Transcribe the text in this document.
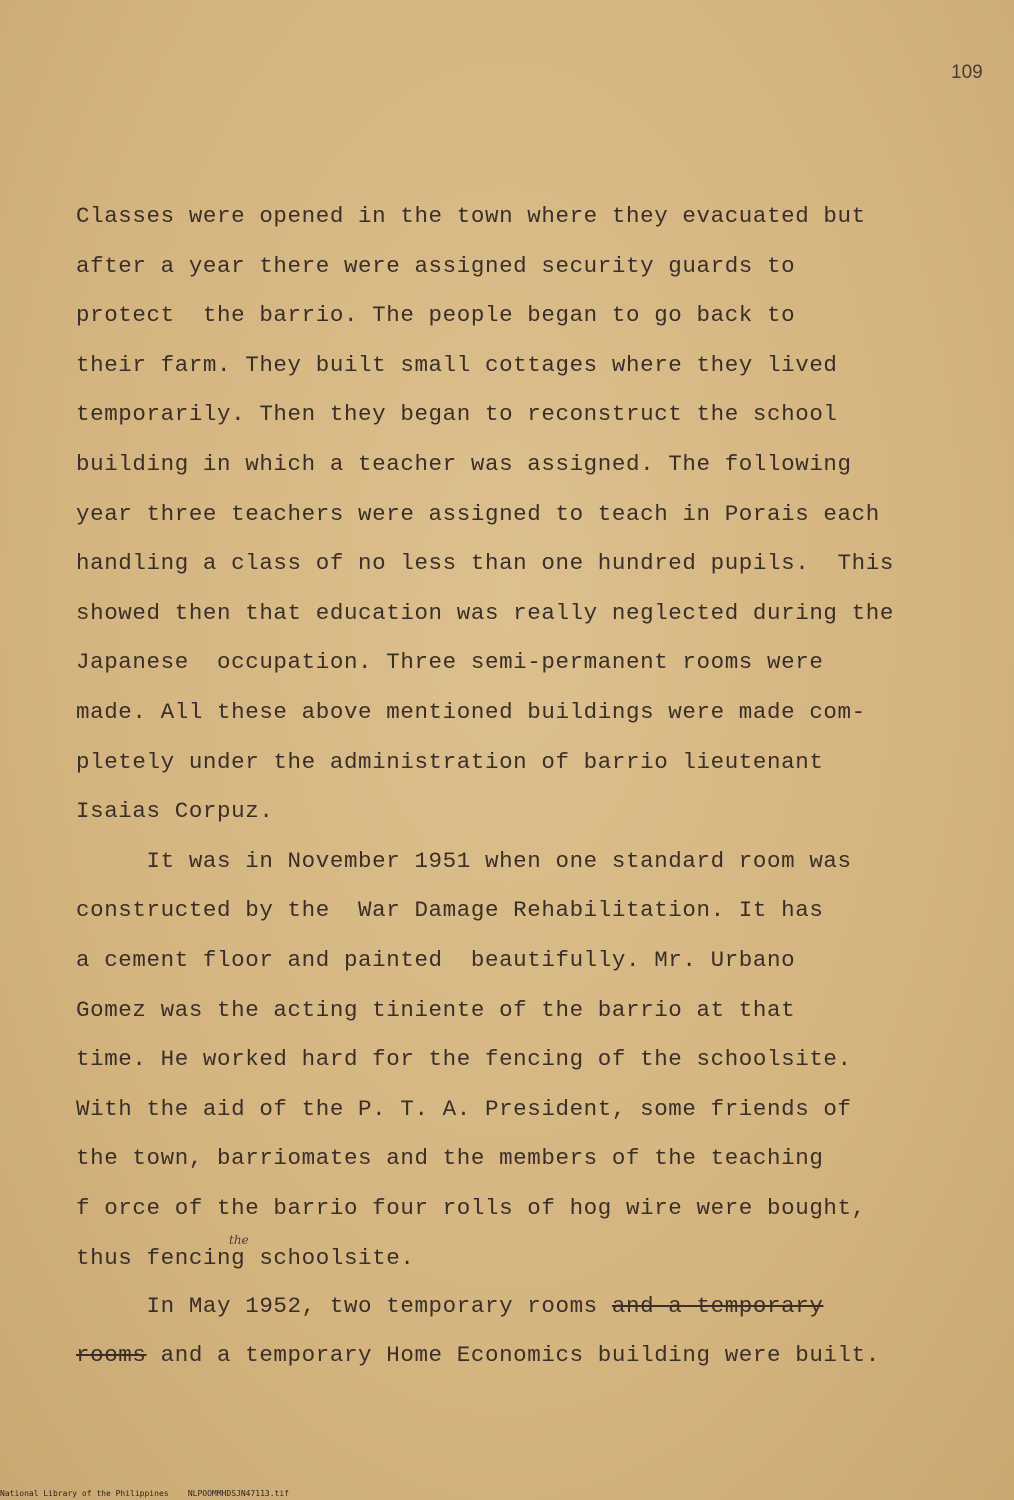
109
Classes were opened in the town where they evacuated but
after a year there were assigned security guards to
protect  the barrio. The people began to go back to
their farm. They built small cottages where they lived
temporarily. Then they began to reconstruct the school
building in which a teacher was assigned. The following
year three teachers were assigned to teach in Porais each
handling a class of no less than one hundred pupils.  This
showed then that education was really neglected during the
Japanese  occupation. Three semi-permanent rooms were
made. All these above mentioned buildings were made com-
pletely under the administration of barrio lieutenant
Isaias Corpuz.
It was in November 1951 when one standard room was
constructed by the  War Damage Rehabilitation. It has
a cement floor and painted  beautifully. Mr. Urbano
Gomez was the acting tiniente of the barrio at that
time. He worked hard for the fencing of the schoolsite.
With the aid of the P. T. A. President, some friends of
the town, barriomates and the members of the teaching
f orce of the barrio four rolls of hog wire were bought,
thus fencing schoolsite.
the
In May 1952, two temporary rooms and a temporary
rooms and a temporary Home Economics building were built.
National Library of the Philippines NLPOOMMHDSJN47113.tif
